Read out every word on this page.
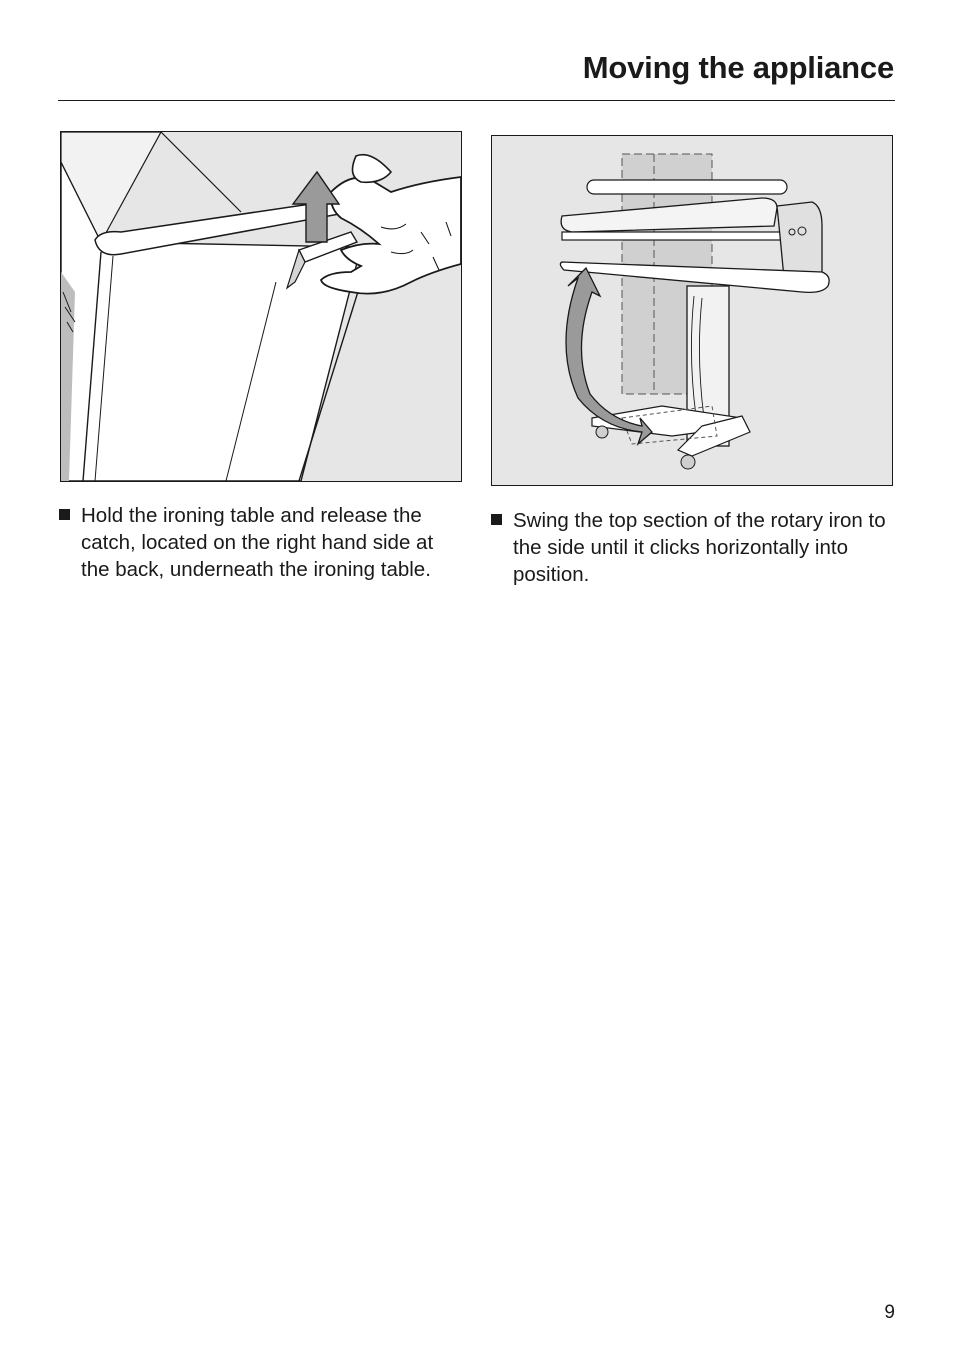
Moving the appliance

Hold the ironing table and release the catch, located on the right hand side at the back, underneath the ironing table.

Swing the top section of the rotary iron to the side until it clicks horizontally into position.

9
